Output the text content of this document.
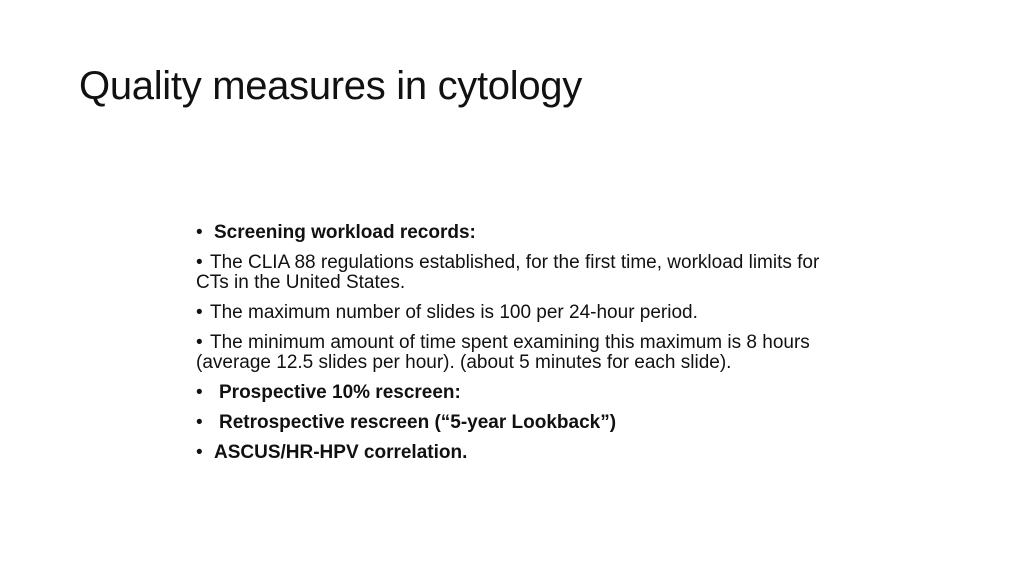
Quality measures in cytology
• Screening workload records:
• The CLIA 88 regulations established, for the first time, workload limits for CTs in the United States.
• The maximum number of slides is 100 per 24-hour period.
• The minimum amount of time spent examining this maximum is 8 hours (average 12.5 slides per hour). (about 5 minutes for each slide).
• Prospective 10% rescreen:
• Retrospective rescreen (“5-year Lookback”)
• ASCUS/HR-HPV correlation.
